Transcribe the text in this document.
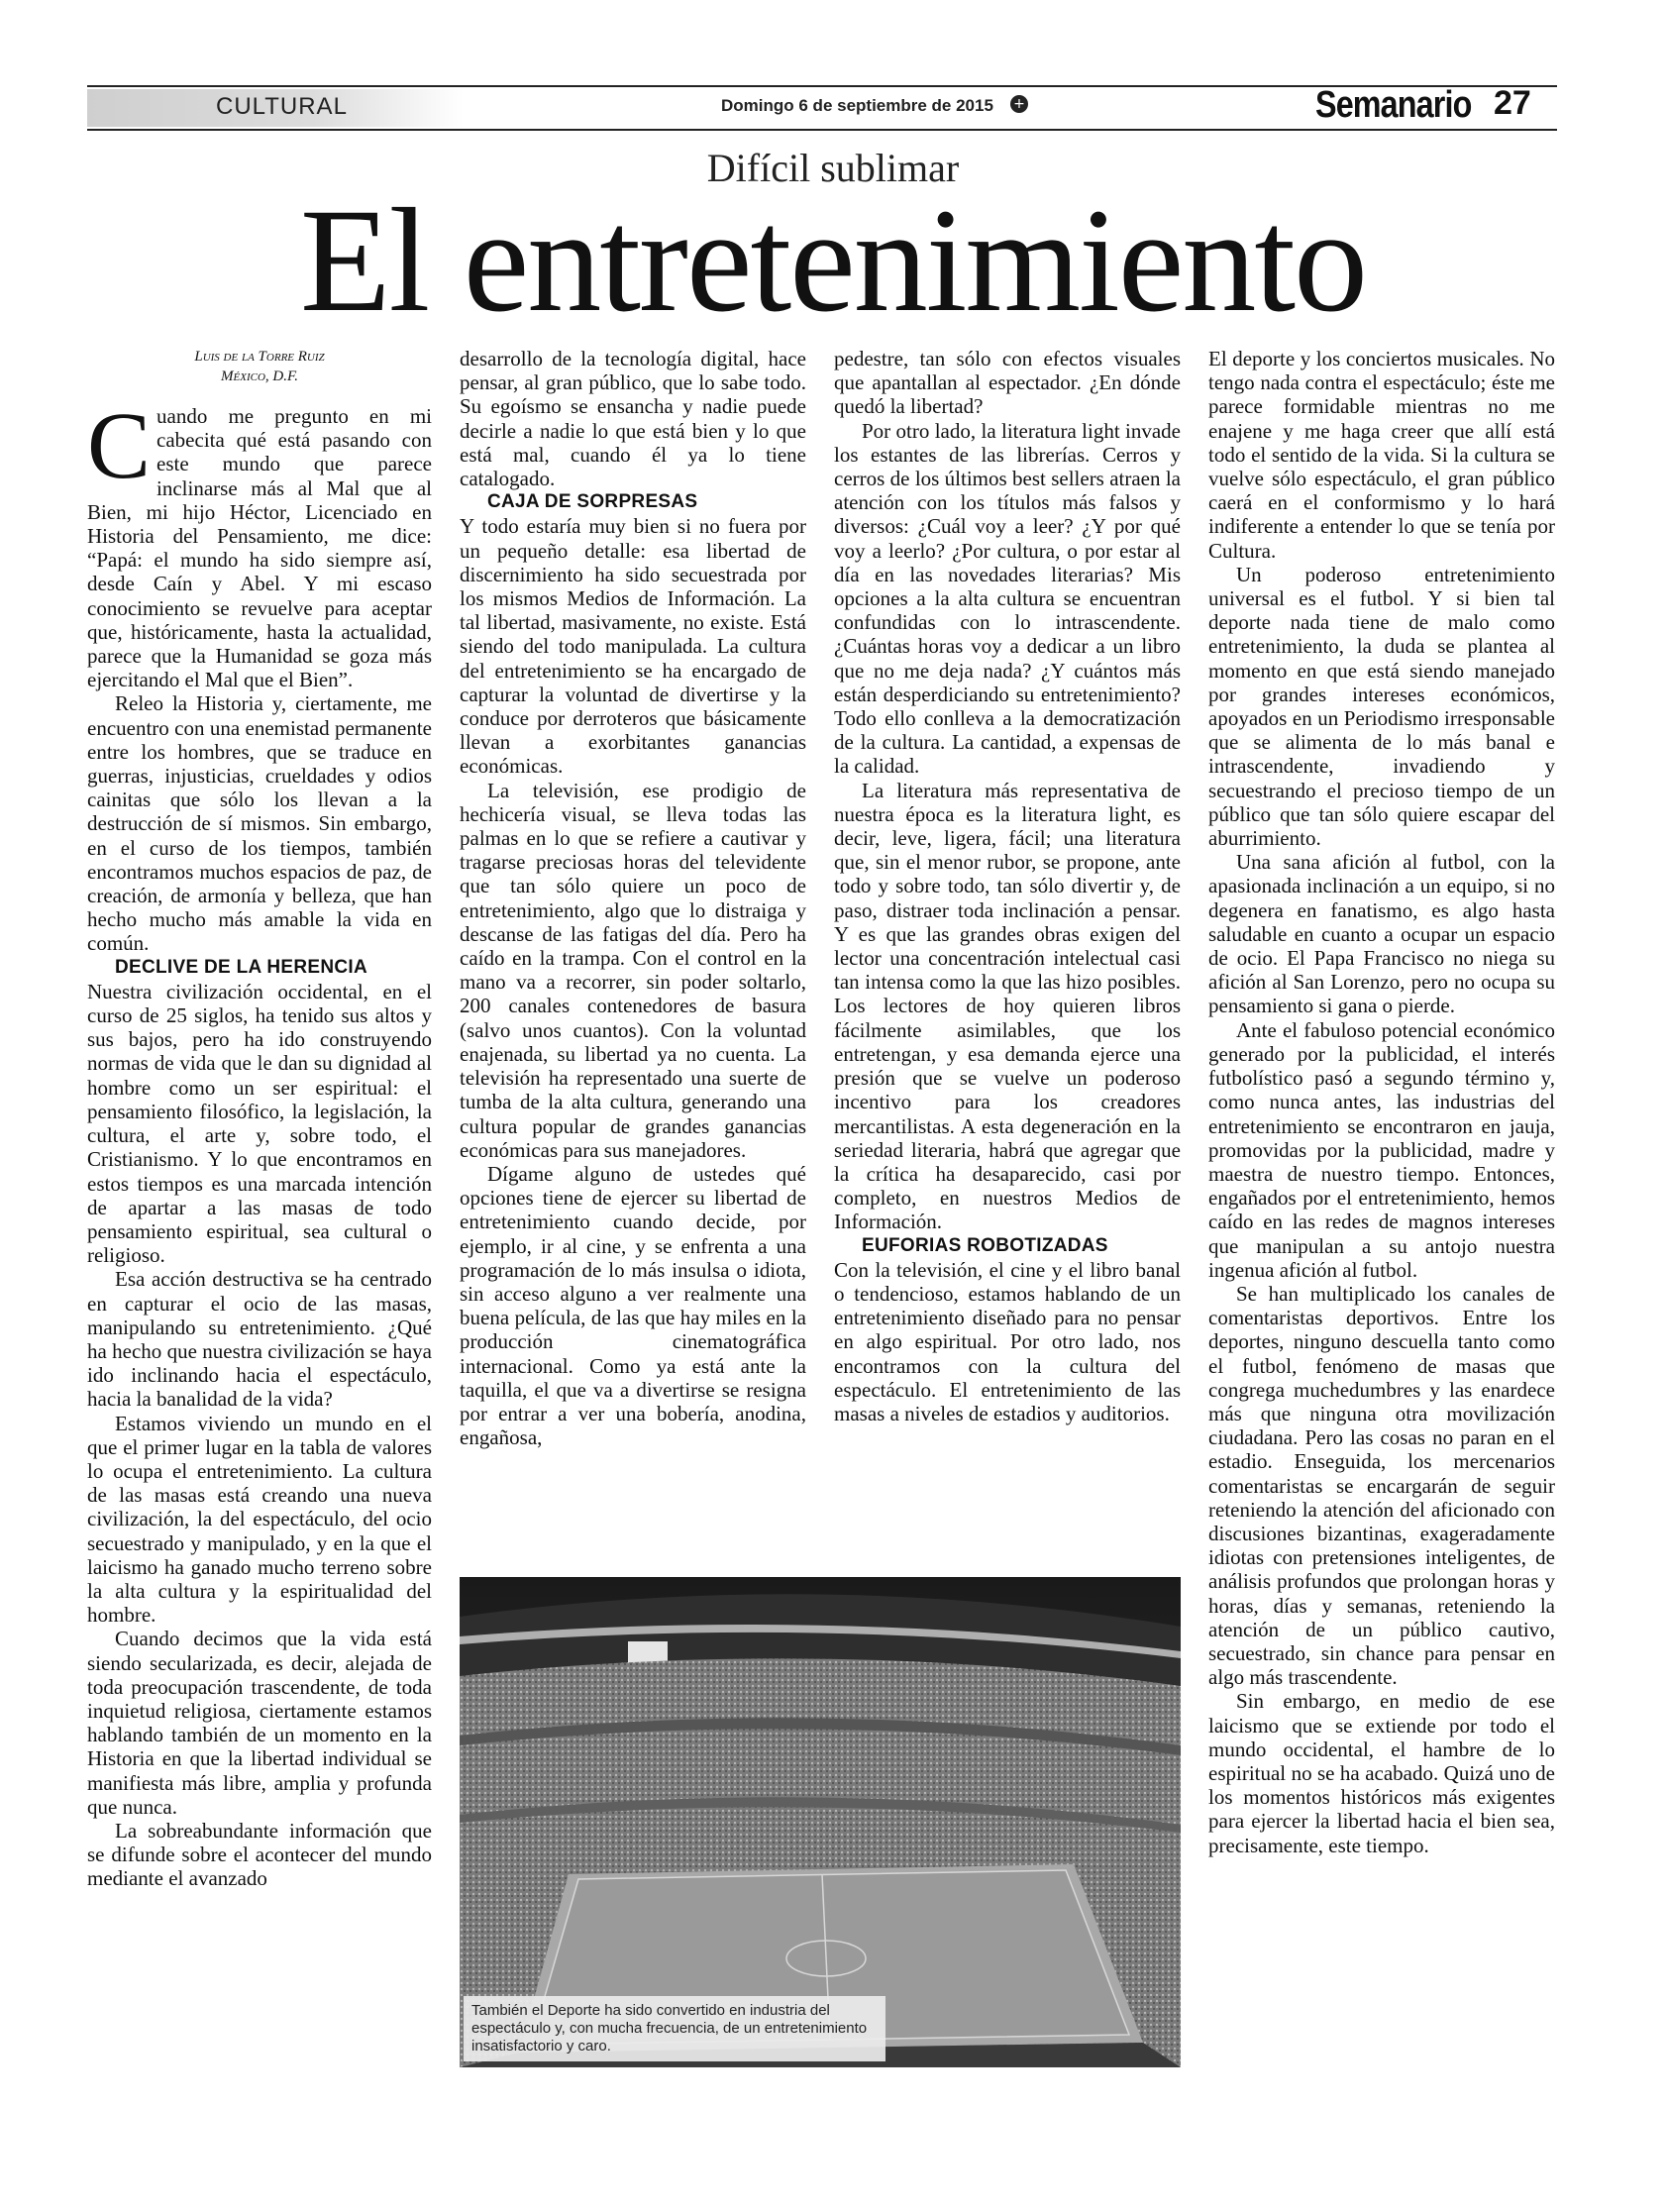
CULTURAL	Domingo 6 de septiembre de 2015 +	Semanario 27
Difícil sublimar
El entretenimiento
Luis de la Torre Ruiz
México, D.F.

Cuando me pregunto en mi cabecita qué está pasando con este mundo que parece inclinarse más al Mal que al Bien, mi hijo Héctor, Licenciado en Historia del Pensamiento, me dice: “Papá: el mundo ha sido siempre así, desde Caín y Abel. Y mi escaso conocimiento se revuelve para aceptar que, históricamente, hasta la actualidad, parece que la Humanidad se goza más ejercitando el Mal que el Bien”.

Releo la Historia y, ciertamente, me encuentro con una enemistad permanente entre los hombres, que se traduce en guerras, injusticias, crueldades y odios cainitas que sólo los llevan a la destrucción de sí mismos. Sin embargo, en el curso de los tiempos, también encontramos muchos espacios de paz, de creación, de armonía y belleza, que han hecho mucho más amable la vida en común.

DECLIVE DE LA HERENCIA

Nuestra civilización occidental, en el curso de 25 siglos, ha tenido sus altos y sus bajos, pero ha ido construyendo normas de vida que le dan su dignidad al hombre como un ser espiritual: el pensamiento filosófico, la legislación, la cultura, el arte y, sobre todo, el Cristianismo. Y lo que encontramos en estos tiempos es una marcada intención de apartar a las masas de todo pensamiento espiritual, sea cultural o religioso.

Esa acción destructiva se ha centrado en capturar el ocio de las masas, manipulando su entretenimiento. ¿Qué ha hecho que nuestra civilización se haya ido inclinando hacia el espectáculo, hacia la banalidad de la vida?

Estamos viviendo un mundo en el que el primer lugar en la tabla de valores lo ocupa el entretenimiento. La cultura de las masas está creando una nueva civilización, la del espectáculo, del ocio secuestrado y manipulado, y en la que el laicismo ha ganado mucho terreno sobre la alta cultura y la espiritualidad del hombre.

Cuando decimos que la vida está siendo secularizada, es decir, alejada de toda preocupación trascendente, de toda inquietud religiosa, ciertamente estamos hablando también de un momento en la Historia en que la libertad individual se manifiesta más libre, amplia y profunda que nunca.

La sobreabundante información que se difunde sobre el acontecer del mundo mediante el avanzado

desarrollo de la tecnología digital, hace pensar, al gran público, que lo sabe todo. Su egoísmo se ensancha y nadie puede decirle a nadie lo que está bien y lo que está mal, cuando él ya lo tiene catalogado.

CAJA DE SORPRESAS

Y todo estaría muy bien si no fuera por un pequeño detalle: esa libertad de discernimiento ha sido secuestrada por los mismos Medios de Información. La tal libertad, masivamente, no existe. Está siendo del todo manipulada. La cultura del entretenimiento se ha encargado de capturar la voluntad de divertirse y la conduce por derroteros que básicamente llevan a exorbitantes ganancias económicas.

La televisión, ese prodigio de hechicería visual, se lleva todas las palmas en lo que se refiere a cautivar y tragarse preciosas horas del televidente que tan sólo quiere un poco de entretenimiento, algo que lo distraiga y descanse de las fatigas del día. Pero ha caído en la trampa. Con el control en la mano va a recorrer, sin poder soltarlo, 200 canales contenedores de basura (salvo unos cuantos). Con la voluntad enajenada, su libertad ya no cuenta. La televisión ha representado una suerte de tumba de la alta cultura, generando una cultura popular de grandes ganancias económicas para sus manejadores.

Dígame alguno de ustedes qué opciones tiene de ejercer su libertad de entretenimiento cuando decide, por ejemplo, ir al cine, y se enfrenta a una programación de lo más insulsa o idiota, sin acceso alguno a ver realmente una buena película, de las que hay miles en la producción cinematográfica internacional. Como ya está ante la taquilla, el que va a divertirse se resigna por entrar a ver una bobería, anodina, engañosa,

pedestre, tan sólo con efectos visuales que apantallan al espectador. ¿En dónde quedó la libertad?

Por otro lado, la literatura light invade los estantes de las librerías. Cerros y cerros de los últimos best sellers atraen la atención con los títulos más falsos y diversos: ¿Cuál voy a leer? ¿Y por qué voy a leerlo? ¿Por cultura, o por estar al día en las novedades literarias? Mis opciones a la alta cultura se encuentran confundidas con lo intrascendente. ¿Cuántas horas voy a dedicar a un libro que no me deja nada? ¿Y cuántos más están desperdiciando su entretenimiento? Todo ello conlleva a la democratización de la cultura. La cantidad, a expensas de la calidad.

La literatura más representativa de nuestra época es la literatura light, es decir, leve, ligera, fácil; una literatura que, sin el menor rubor, se propone, ante todo y sobre todo, tan sólo divertir y, de paso, distraer toda inclinación a pensar. Y es que las grandes obras exigen del lector una concentración intelectual casi tan intensa como la que las hizo posibles. Los lectores de hoy quieren libros fácilmente asimilables, que los entretengan, y esa demanda ejerce una presión que se vuelve un poderoso incentivo para los creadores mercantilistas. A esta degeneración en la seriedad literaria, habrá que agregar que la crítica ha desaparecido, casi por completo, en nuestros Medios de Información.

EUFORIAS ROBOTIZADAS

Con la televisión, el cine y el libro banal o tendencioso, estamos hablando de un entretenimiento diseñado para no pensar en algo espiritual. Por otro lado, nos encontramos con la cultura del espectáculo. El entretenimiento de las masas a niveles de estadios y auditorios.

El deporte y los conciertos musicales. No tengo nada contra el espectáculo; éste me parece formidable mientras no me enajene y me haga creer que allí está todo el sentido de la vida. Si la cultura se vuelve sólo espectáculo, el gran público caerá en el conformismo y lo hará indiferente a entender lo que se tenía por Cultura.

Un poderoso entretenimiento universal es el futbol. Y si bien tal deporte nada tiene de malo como entretenimiento, la duda se plantea al momento en que está siendo manejado por grandes intereses económicos, apoyados en un Periodismo irresponsable que se alimenta de lo más banal e intrascendente, invadiendo y secuestrando el precioso tiempo de un público que tan sólo quiere escapar del aburrimiento.

Una sana afición al futbol, con la apasionada inclinación a un equipo, si no degenera en fanatismo, es algo hasta saludable en cuanto a ocupar un espacio de ocio. El Papa Francisco no niega su afición al San Lorenzo, pero no ocupa su pensamiento si gana o pierde.

Ante el fabuloso potencial económico generado por la publicidad, el interés futbolístico pasó a segundo término y, como nunca antes, las industrias del entretenimiento se encontraron en jauja, promovidas por la publicidad, madre y maestra de nuestro tiempo. Entonces, engañados por el entretenimiento, hemos caído en las redes de magnos intereses que manipulan a su antojo nuestra ingenua afición al futbol.

Se han multiplicado los canales de comentaristas deportivos. Entre los deportes, ninguno descuella tanto como el futbol, fenómeno de masas que congrega muchedumbres y las enardece más que ninguna otra movilización ciudadana. Pero las cosas no paran en el estadio. Enseguida, los mercenarios comentaristas se encargarán de seguir reteniendo la atención del aficionado con discusiones bizantinas, exageradamente idiotas con pretensiones inteligentes, de análisis profundos que prolongan horas y horas, días y semanas, reteniendo la atención de un público cautivo, secuestrado, sin chance para pensar en algo más trascendente.

Sin embargo, en medio de ese laicismo que se extiende por todo el mundo occidental, el hambre de lo espiritual no se ha acabado. Quizá uno de los momentos históricos más exigentes para ejercer la libertad hacia el bien sea, precisamente, este tiempo.

También el Deporte ha sido convertido en industria del espectáculo y, con mucha frecuencia, de un entretenimiento insatisfactorio y caro.
